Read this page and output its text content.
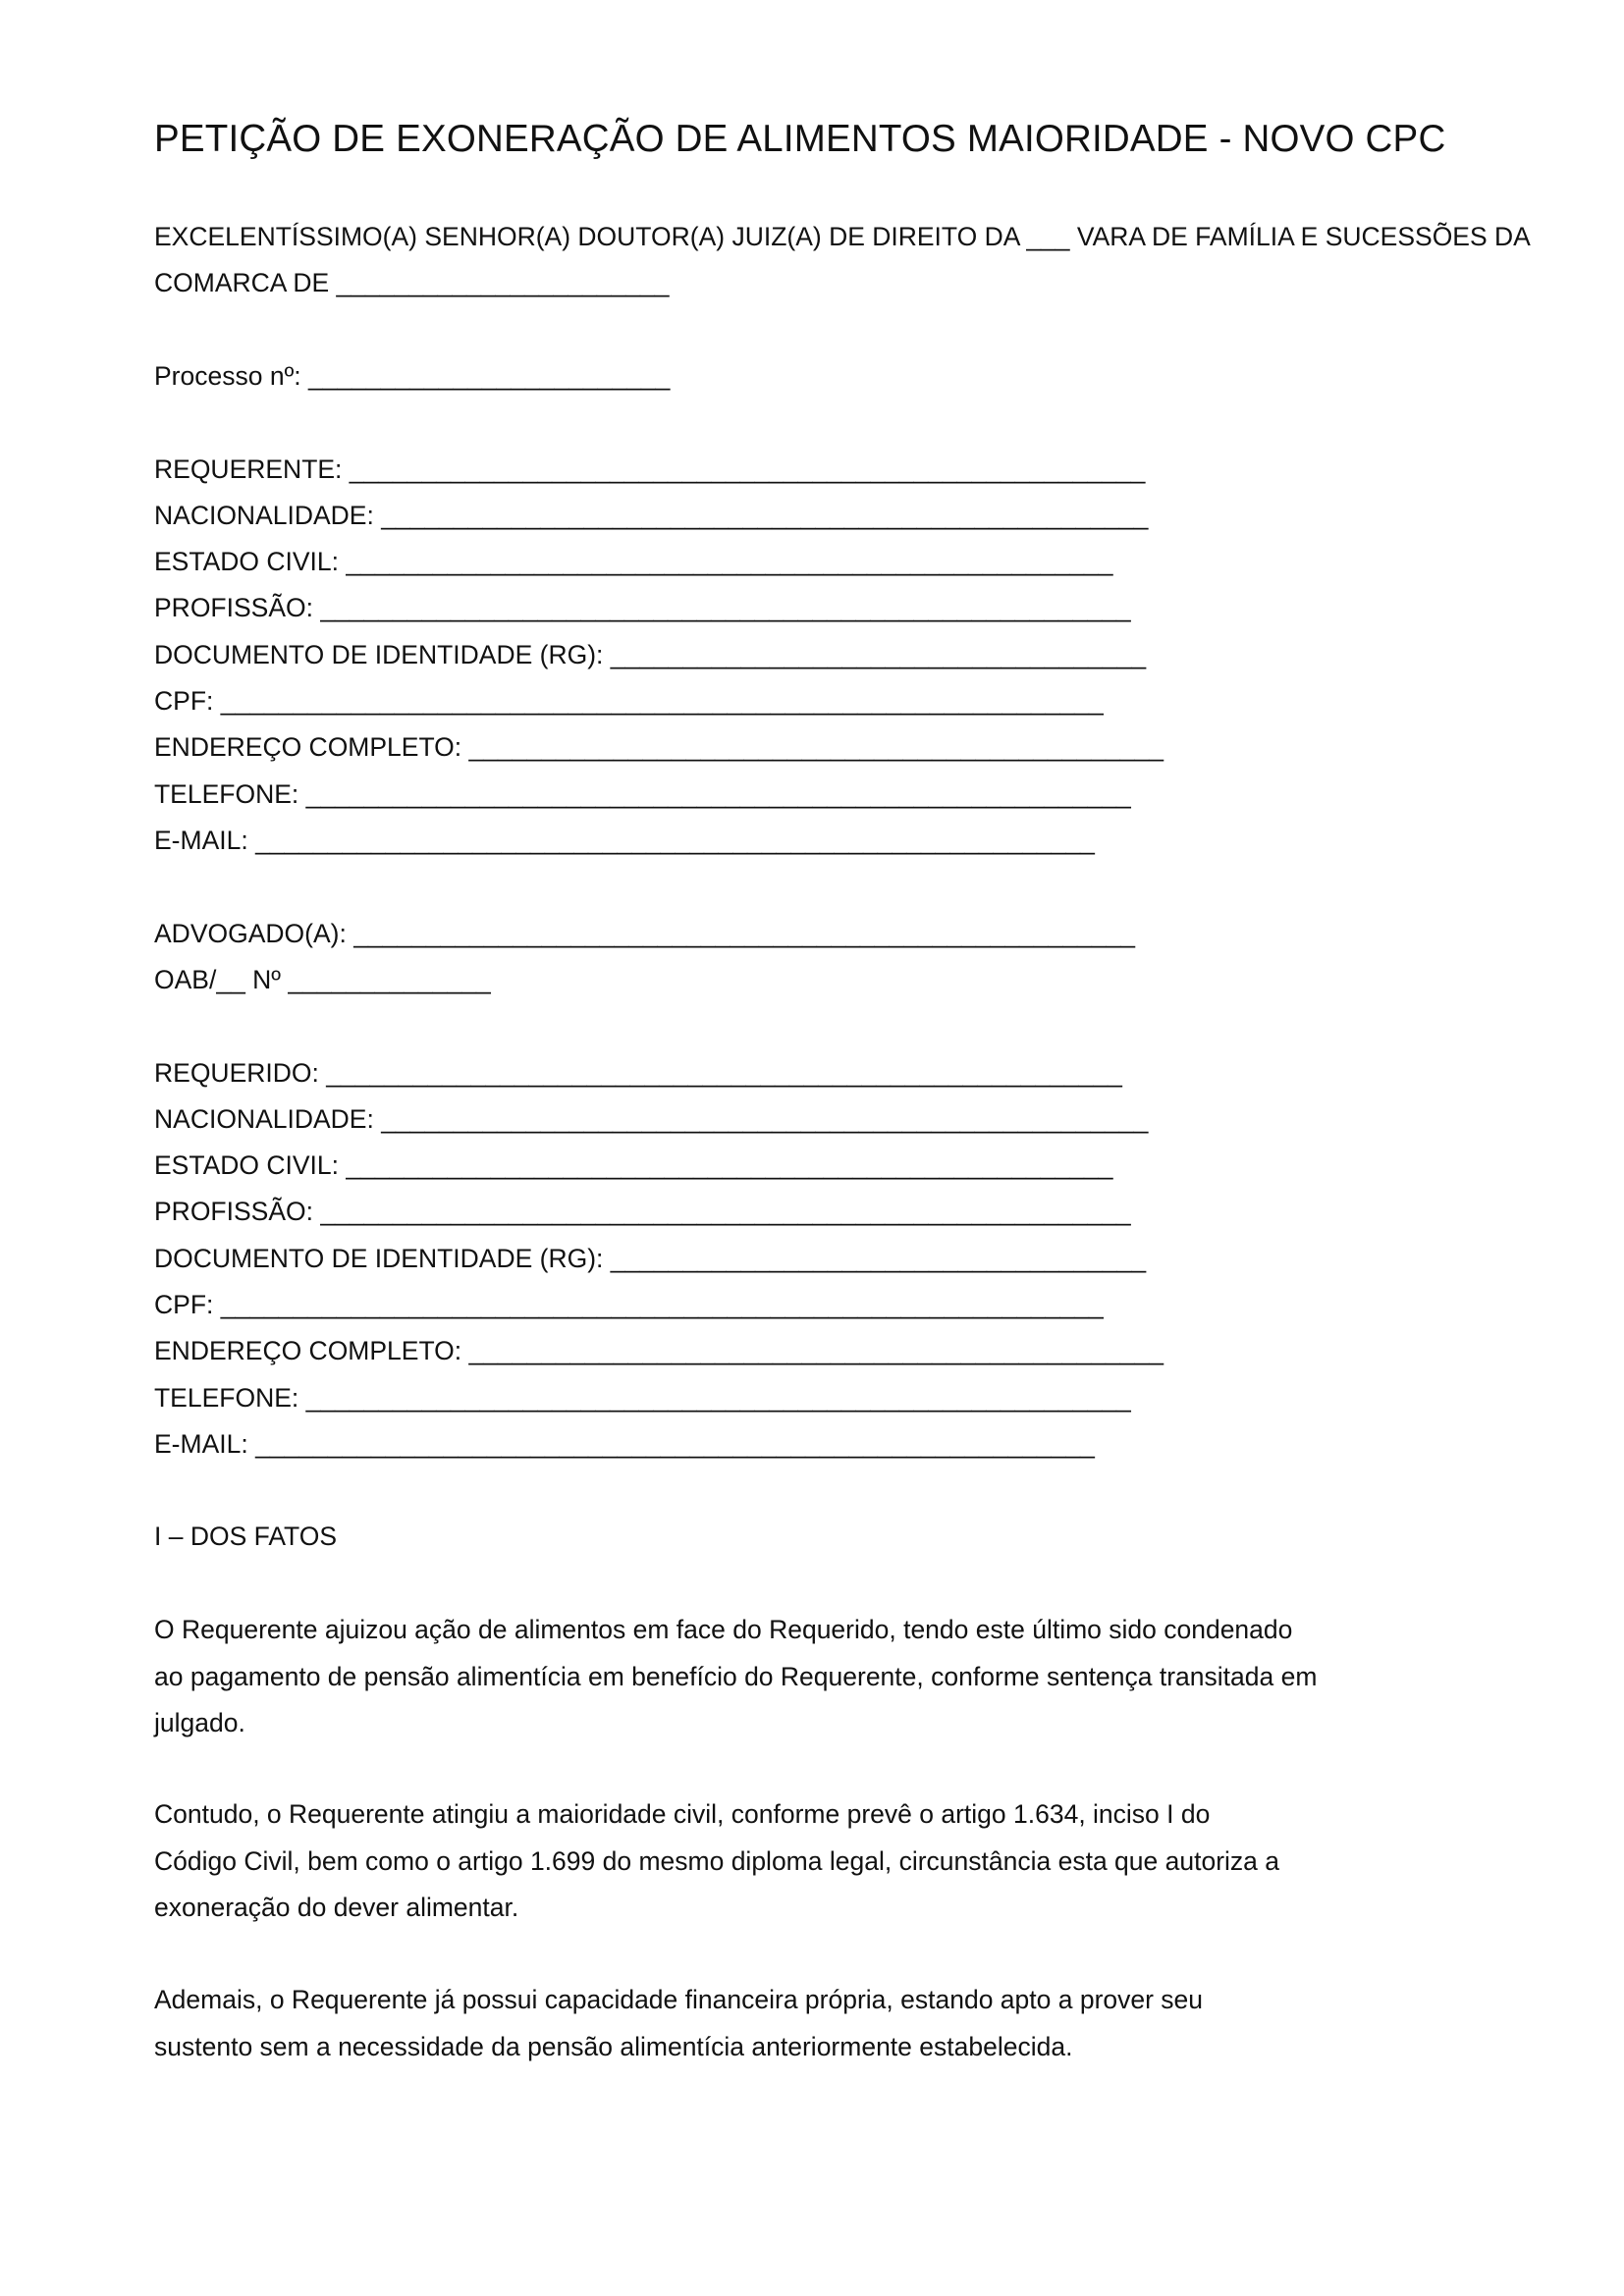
PETIÇÃO DE EXONERAÇÃO DE ALIMENTOS MAIORIDADE - NOVO CPC
EXCELENTÍSSIMO(A) SENHOR(A) DOUTOR(A) JUIZ(A) DE DIREITO DA ___ VARA DE FAMÍLIA E SUCESSÕES DA
COMARCA DE _______________________
Processo nº: _________________________
REQUERENTE: _______________________________________________________
NACIONALIDADE: _____________________________________________________
ESTADO CIVIL: _____________________________________________________
PROFISSÃO: ________________________________________________________
DOCUMENTO DE IDENTIDADE (RG): _____________________________________
CPF: _____________________________________________________________
ENDEREÇO COMPLETO: ________________________________________________
TELEFONE: _________________________________________________________
E-MAIL: __________________________________________________________
ADVOGADO(A): ______________________________________________________
OAB/__ Nº ______________
REQUERIDO: _______________________________________________________
NACIONALIDADE: _____________________________________________________
ESTADO CIVIL: _____________________________________________________
PROFISSÃO: ________________________________________________________
DOCUMENTO DE IDENTIDADE (RG): _____________________________________
CPF: _____________________________________________________________
ENDEREÇO COMPLETO: ________________________________________________
TELEFONE: _________________________________________________________
E-MAIL: __________________________________________________________
I – DOS FATOS
O Requerente ajuizou ação de alimentos em face do Requerido, tendo este último sido condenado
ao pagamento de pensão alimentícia em benefício do Requerente, conforme sentença transitada em
julgado.
Contudo, o Requerente atingiu a maioridade civil, conforme prevê o artigo 1.634, inciso I do
Código Civil, bem como o artigo 1.699 do mesmo diploma legal, circunstância esta que autoriza a
exoneração do dever alimentar.
Ademais, o Requerente já possui capacidade financeira própria, estando apto a prover seu
sustento sem a necessidade da pensão alimentícia anteriormente estabelecida.
